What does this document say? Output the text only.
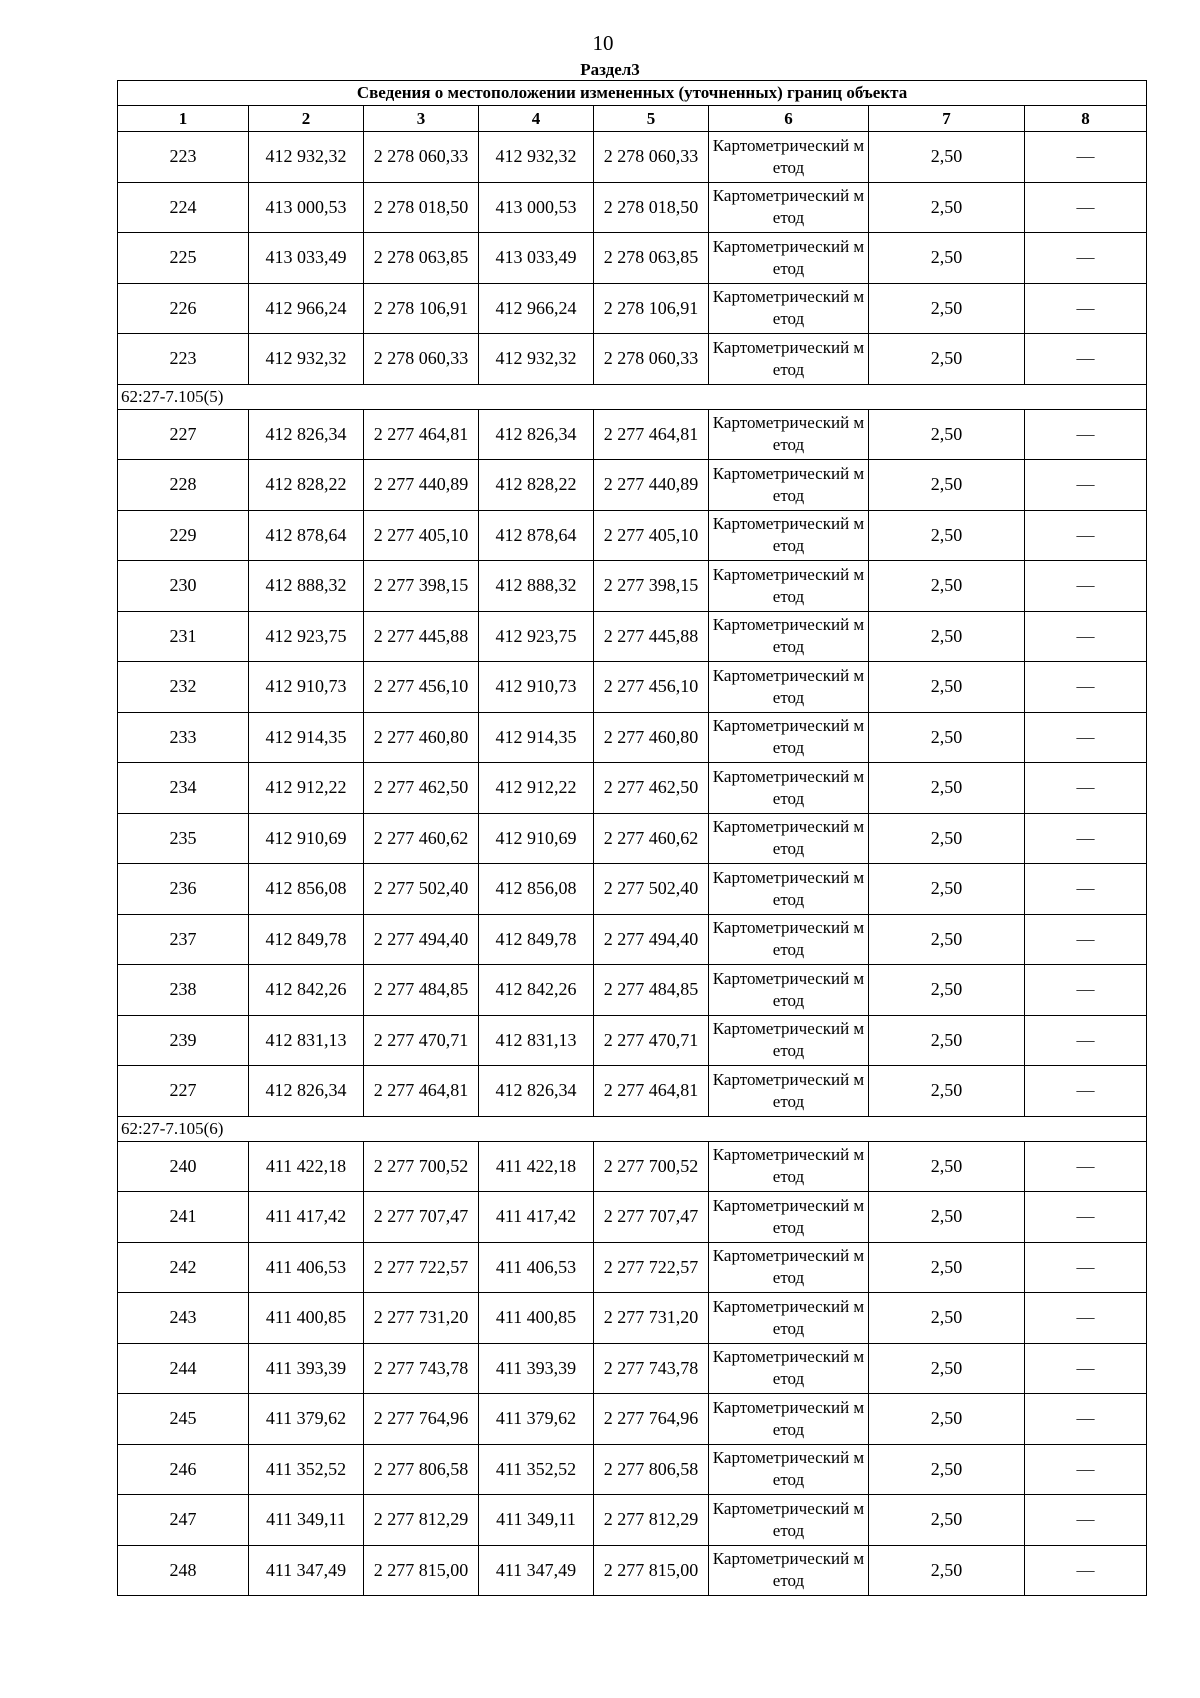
10
Раздел3
Сведения о местоположении измененных (уточненных) границ объекта							
1	2	3	4	5	6	7	8
223	412 932,32	2 278 060,33	412 932,32	2 278 060,33	Картометрический метод	2,50	—
224	413 000,53	2 278 018,50	413 000,53	2 278 018,50	Картометрический метод	2,50	—
225	413 033,49	2 278 063,85	413 033,49	2 278 063,85	Картометрический метод	2,50	—
226	412 966,24	2 278 106,91	412 966,24	2 278 106,91	Картометрический метод	2,50	—
223	412 932,32	2 278 060,33	412 932,32	2 278 060,33	Картометрический метод	2,50	—
62:27-7.105(5)							
227	412 826,34	2 277 464,81	412 826,34	2 277 464,81	Картометрический метод	2,50	—
228	412 828,22	2 277 440,89	412 828,22	2 277 440,89	Картометрический метод	2,50	—
229	412 878,64	2 277 405,10	412 878,64	2 277 405,10	Картометрический метод	2,50	—
230	412 888,32	2 277 398,15	412 888,32	2 277 398,15	Картометрический метод	2,50	—
231	412 923,75	2 277 445,88	412 923,75	2 277 445,88	Картометрический метод	2,50	—
232	412 910,73	2 277 456,10	412 910,73	2 277 456,10	Картометрический метод	2,50	—
233	412 914,35	2 277 460,80	412 914,35	2 277 460,80	Картометрический метод	2,50	—
234	412 912,22	2 277 462,50	412 912,22	2 277 462,50	Картометрический метод	2,50	—
235	412 910,69	2 277 460,62	412 910,69	2 277 460,62	Картометрический метод	2,50	—
236	412 856,08	2 277 502,40	412 856,08	2 277 502,40	Картометрический метод	2,50	—
237	412 849,78	2 277 494,40	412 849,78	2 277 494,40	Картометрический метод	2,50	—
238	412 842,26	2 277 484,85	412 842,26	2 277 484,85	Картометрический метод	2,50	—
239	412 831,13	2 277 470,71	412 831,13	2 277 470,71	Картометрический метод	2,50	—
227	412 826,34	2 277 464,81	412 826,34	2 277 464,81	Картометрический метод	2,50	—
62:27-7.105(6)							
240	411 422,18	2 277 700,52	411 422,18	2 277 700,52	Картометрический метод	2,50	—
241	411 417,42	2 277 707,47	411 417,42	2 277 707,47	Картометрический метод	2,50	—
242	411 406,53	2 277 722,57	411 406,53	2 277 722,57	Картометрический метод	2,50	—
243	411 400,85	2 277 731,20	411 400,85	2 277 731,20	Картометрический метод	2,50	—
244	411 393,39	2 277 743,78	411 393,39	2 277 743,78	Картометрический метод	2,50	—
245	411 379,62	2 277 764,96	411 379,62	2 277 764,96	Картометрический метод	2,50	—
246	411 352,52	2 277 806,58	411 352,52	2 277 806,58	Картометрический метод	2,50	—
247	411 349,11	2 277 812,29	411 349,11	2 277 812,29	Картометрический метод	2,50	—
248	411 347,49	2 277 815,00	411 347,49	2 277 815,00	Картометрический метод	2,50	—
